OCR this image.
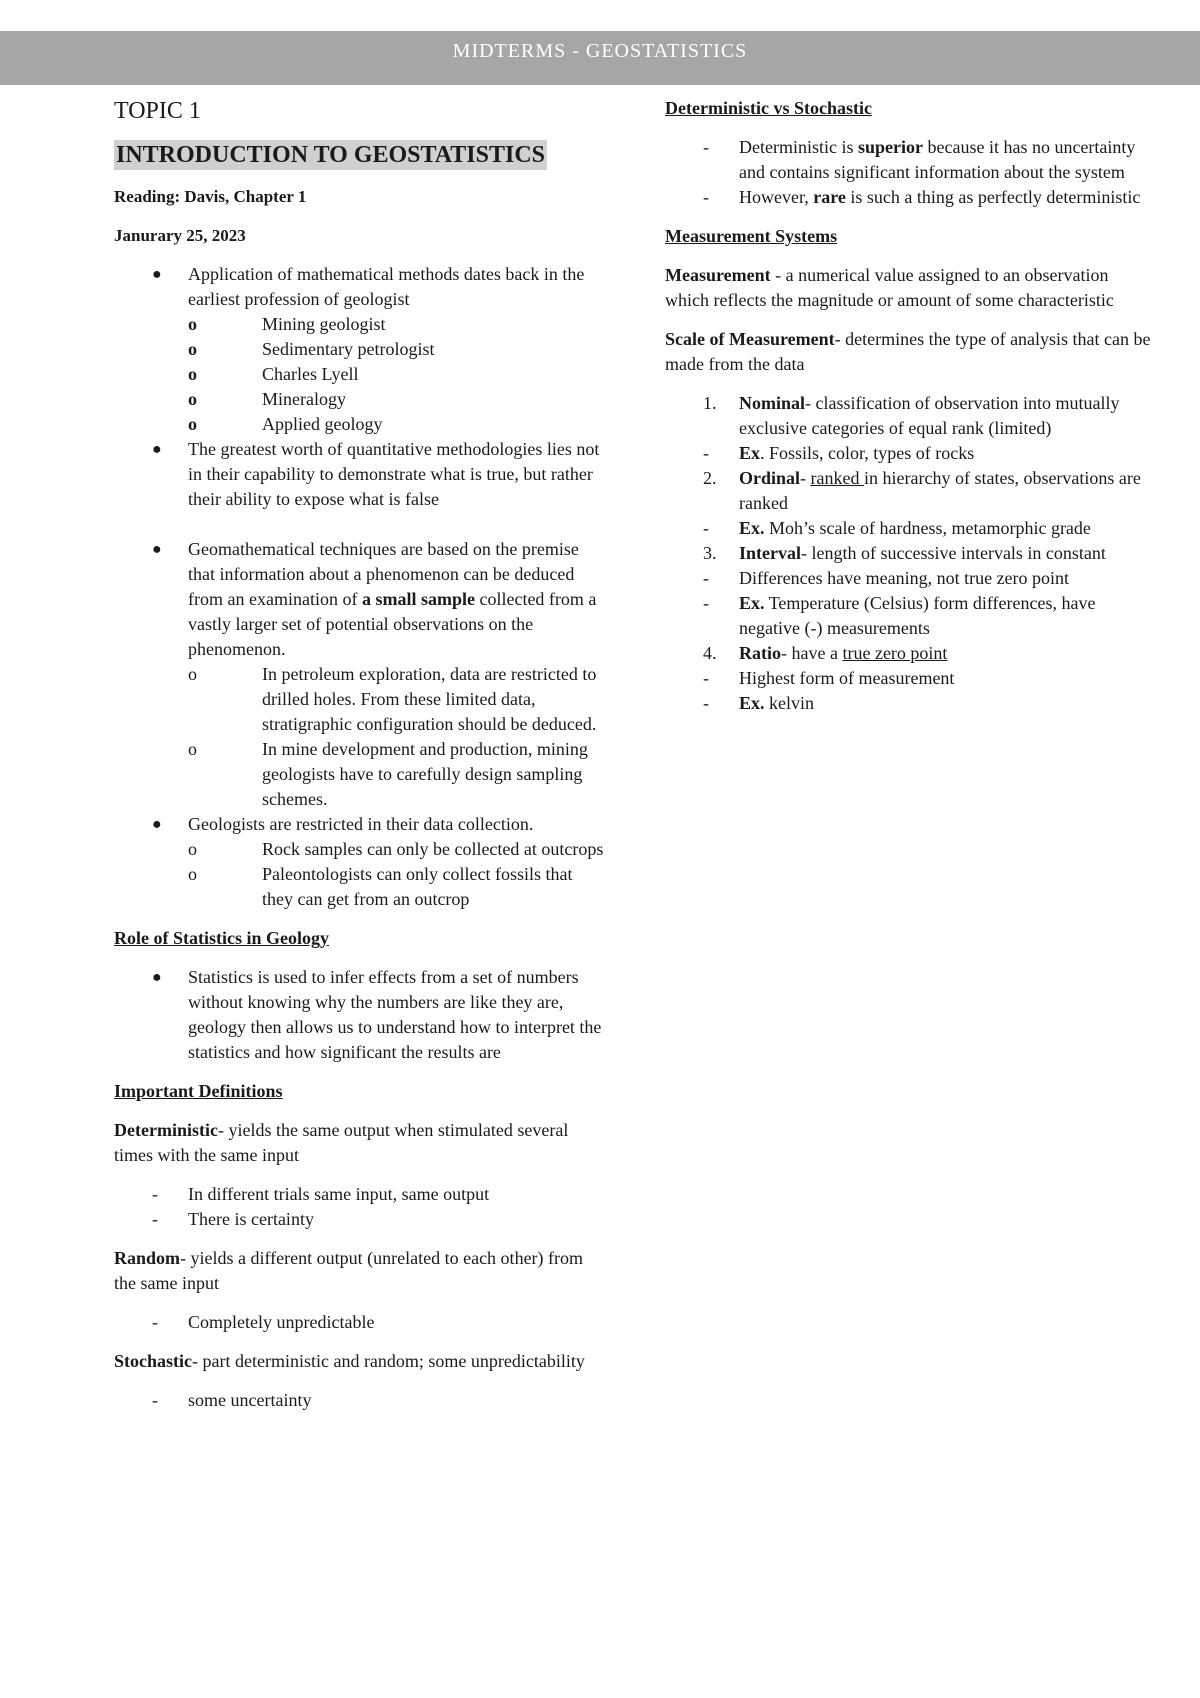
MIDTERMS - GEOSTATISTICS
TOPIC 1
INTRODUCTION TO GEOSTATISTICS
Reading: Davis, Chapter 1
Janurary 25, 2023
● Application of mathematical methods dates back in the earliest profession of geologist
o	Mining geologist
o	Sedimentary petrologist
o	Charles Lyell
o	Mineralogy
o	Applied geology
● The greatest worth of quantitative methodologies lies not in their capability to demonstrate what is true, but rather their ability to expose what is false
● Geomathematical techniques are based on the premise that information about a phenomenon can be deduced from an examination of a small sample collected from a vastly larger set of potential observations on the phenomenon.
o	In petroleum exploration, data are restricted to drilled holes. From these limited data, stratigraphic configuration should be deduced.
o	In mine development and production, mining geologists have to carefully design sampling schemes.
● Geologists are restricted in their data collection.
o	Rock samples can only be collected at outcrops
o	Paleontologists can only collect fossils that they can get from an outcrop
Role of Statistics in Geology
● Statistics is used to infer effects from a set of numbers without knowing why the numbers are like they are, geology then allows us to understand how to interpret the statistics and how significant the results are
Important Definitions

Deterministic- yields the same output when stimulated several times with the same input

- In different trials same input, same output
- There is certainty

Random- yields a different output (unrelated to each other) from the same input

- Completely unpredictable

Stochastic- part deterministic and random; some unpredictability

- some uncertainty
Deterministic vs Stochastic
- Deterministic is superior because it has no uncertainty and contains significant information about the system
- However, rare is such a thing as perfectly deterministic
Measurement Systems

Measurement - a numerical value assigned to an observation which reflects the magnitude or amount of some characteristic

Scale of Measurement- determines the type of analysis that can be made from the data

1. Nominal- classification of observation into mutually exclusive categories of equal rank (limited)
- Ex. Fossils, color, types of rocks
2. Ordinal- ranked in hierarchy of states, observations are ranked
- Ex. Moh’s scale of hardness, metamorphic grade
3. Interval- length of successive intervals in constant
- Differences have meaning, not true zero point
- Ex. Temperature (Celsius) form differences, have negative (-) measurements
4. Ratio- have a true zero point
- Highest form of measurement
- Ex. kelvin
